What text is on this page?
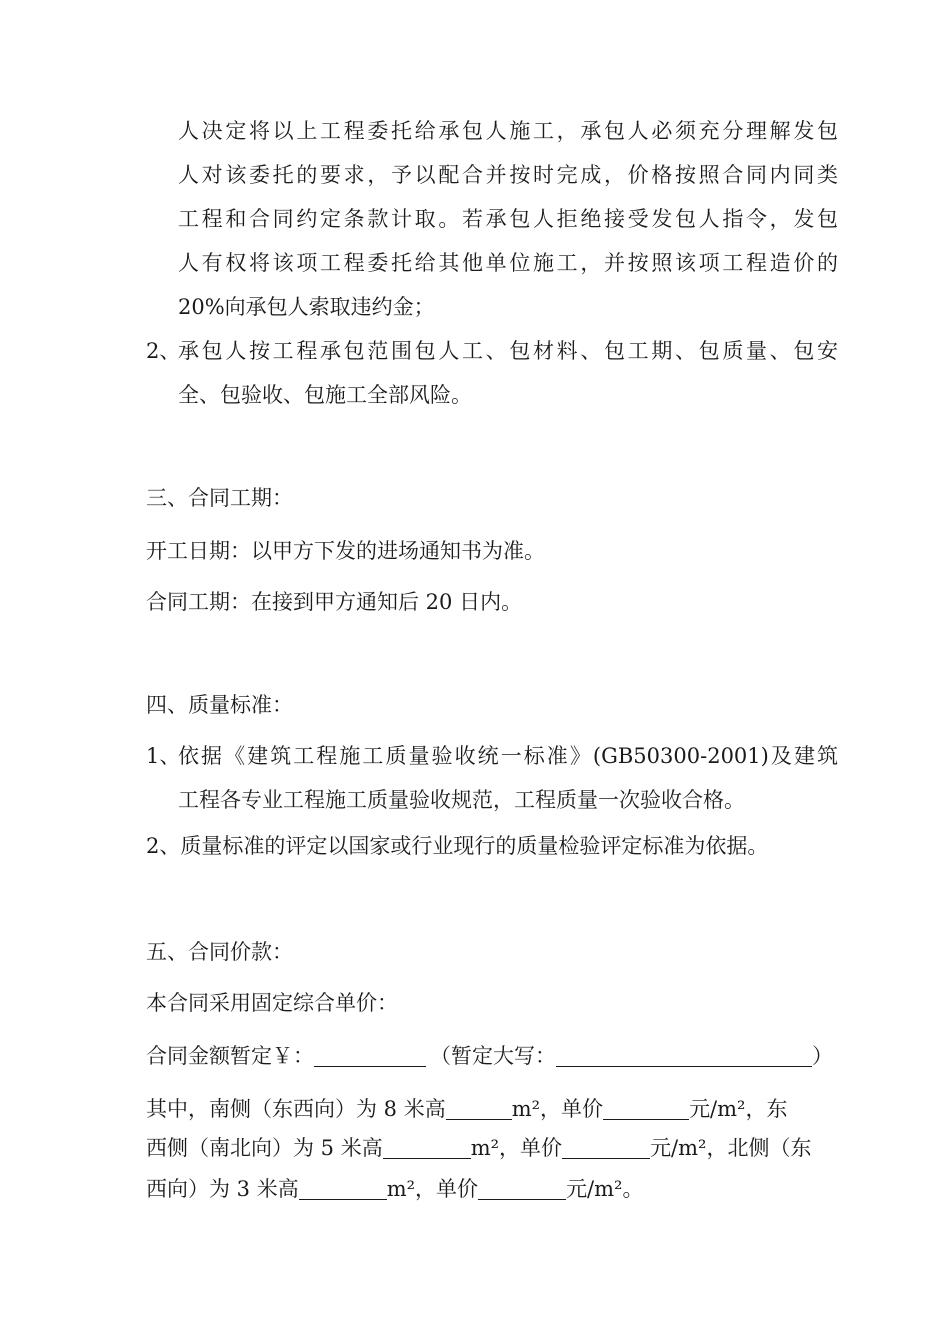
人决定将以上工程委托给承包人施工，承包人必须充分理解发包
人对该委托的要求，予以配合并按时完成，价格按照合同内同类
工程和合同约定条款计取。若承包人拒绝接受发包人指令，发包
人有权将该项工程委托给其他单位施工，并按照该项工程造价的
20%向承包人索取违约金；
2、
承包人按工程承包范围包人工、包材料、包工期、包质量、包安
全、包验收、包施工全部风险。
三、合同工期：
开工日期：以甲方下发的进场通知书为准。
合同工期：在接到甲方通知后 20 日内。
四、质量标准：
1、
依据《建筑工程施工质量验收统一标准》(GB50300-2001)及建筑
工程各专业工程施工质量验收规范，工程质量一次验收合格。
2、质量标准的评定以国家或行业现行的质量检验评定标准为依据。
五、合同价款：
本合同采用固定综合单价：
合同金额暂定￥：	（暂定大写：	）
其中，南侧（东西向）为 8 米高	m²，单价	元/m²，东
西侧（南北向）为 5 米高	m²，单价	元/m²，北侧（东
西向）为 3 米高	m²，单价	元/m²。
